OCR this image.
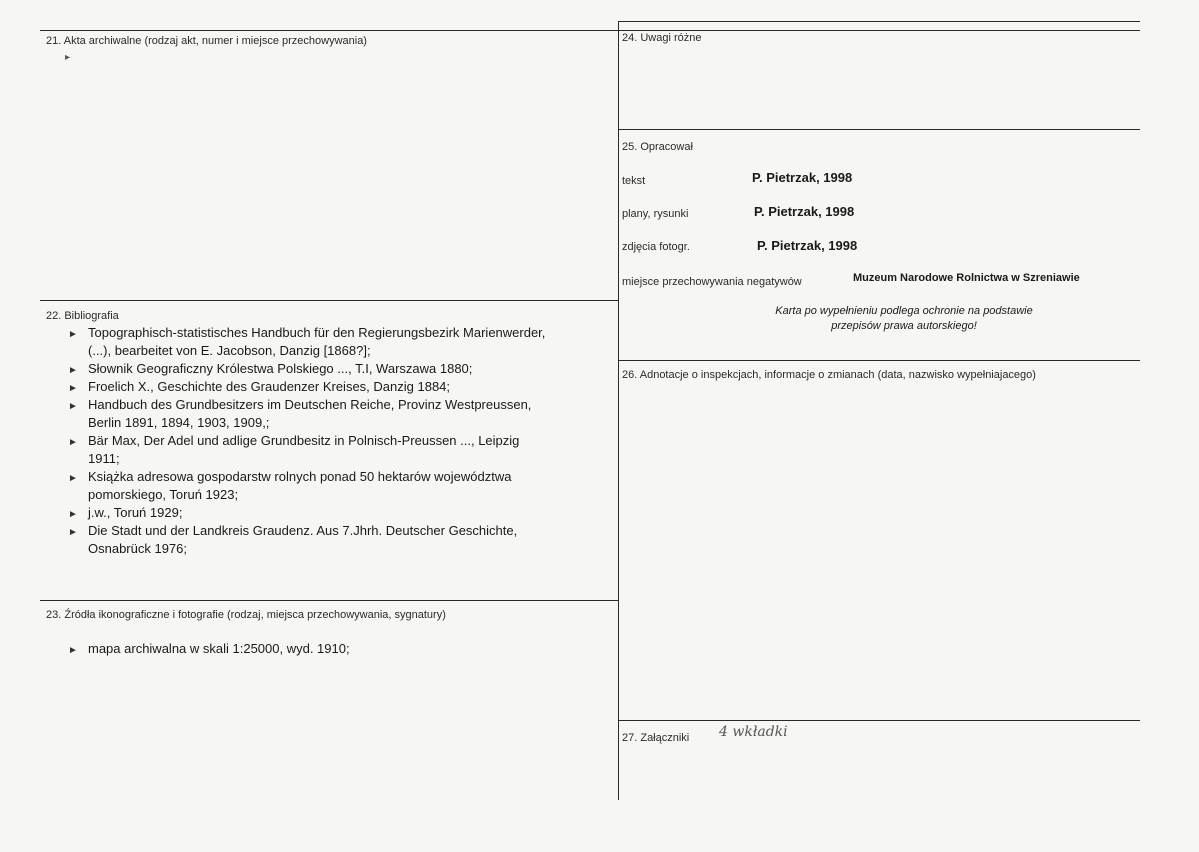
21. Akta archiwalne (rodzaj akt, numer i miejsce przechowywania)
▸
22. Bibliografia
► Topographisch-statistisches Handbuch für den Regierungsbezirk Marienwerder,
(...), bearbeitet von E. Jacobson, Danzig [1868?];
► Słownik Geograficzny Królestwa Polskiego ..., T.I, Warszawa 1880;
► Froelich X., Geschichte des Graudenzer Kreises, Danzig 1884;
► Handbuch des Grundbesitzers im Deutschen Reiche, Provinz Westpreussen,
Berlin 1891, 1894, 1903, 1909,;
► Bär Max, Der Adel und adlige Grundbesitz in Polnisch-Preussen ..., Leipzig
1911;
► Książka adresowa gospodarstw rolnych ponad 50 hektarów województwa
pomorskiego, Toruń 1923;
► j.w., Toruń 1929;
► Die Stadt und der Landkreis Graudenz. Aus 7.Jhrh. Deutscher Geschichte,
Osnabrück 1976;
23. Źródła ikonograficzne i fotografie (rodzaj, miejsca przechowywania, sygnatury)
► mapa archiwalna w skali 1:25000, wyd. 1910;
24. Uwagi różne
25. Opracował
tekst	P. Pietrzak, 1998
plany, rysunki	P. Pietrzak, 1998
zdjęcia fotogr.	P. Pietrzak, 1998
miejsce przechowywania negatywów	Muzeum Narodowe Rolnictwa w Szreniawie
Karta po wypełnieniu podlega ochronie na podstawie
przepisów prawa autorskiego!
26. Adnotacje o inspekcjach, informacje o zmianach (data, nazwisko wypełniajacego)
27. Załączniki 4 wkładki
